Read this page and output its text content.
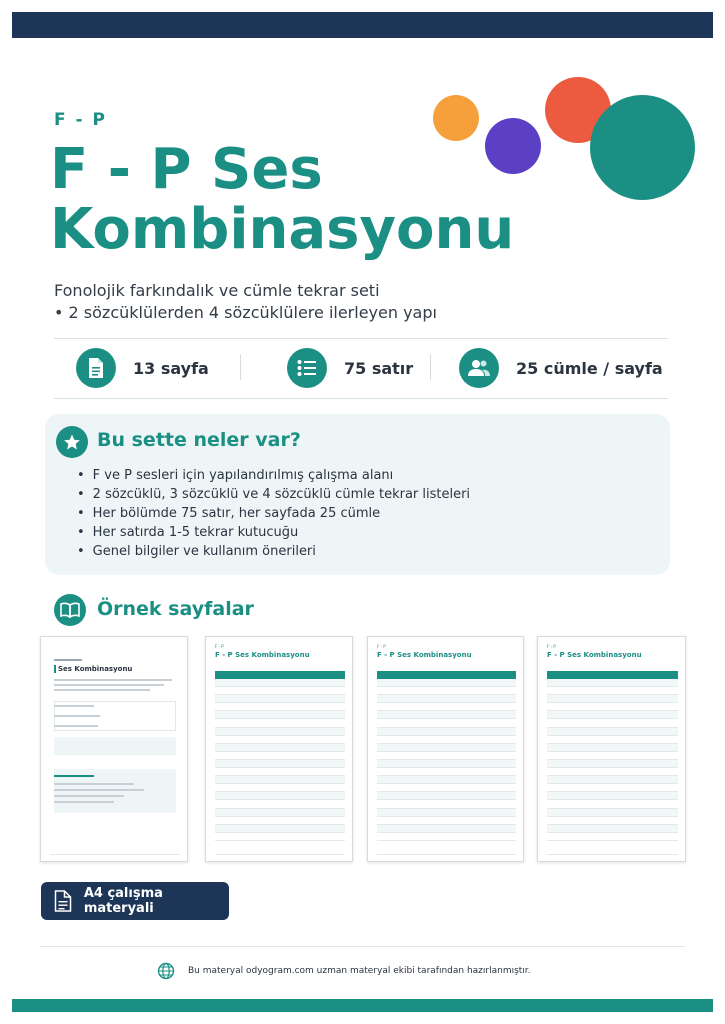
F - P
F - P Ses Kombinasyonu
Fonolojik farkındalık ve cümle tekrar seti
• 2 sözcüklülerden 4 sözcüklülere ilerleyen yapı
13 sayfa	75 satır	25 cümle / sayfa
Bu sette neler var?
• F ve P sesleri için yapılandırılmış çalışma alanı
• 2 sözcüklü, 3 sözcüklü ve 4 sözcüklü cümle tekrar listeleri
• Her bölümde 75 satır, her sayfada 25 cümle
• Her satırda 1-5 tekrar kutucuğu
• Genel bilgiler ve kullanım önerileri
Örnek sayfalar
Ses Kombinasyonu
F - P
F - P Ses Kombinasyonu
F - P
F - P Ses Kombinasyonu
F - P
F - P Ses Kombinasyonu
A4 çalışma materyali
Bu materyal odyogram.com uzman materyal ekibi tarafından hazırlanmıştır.
